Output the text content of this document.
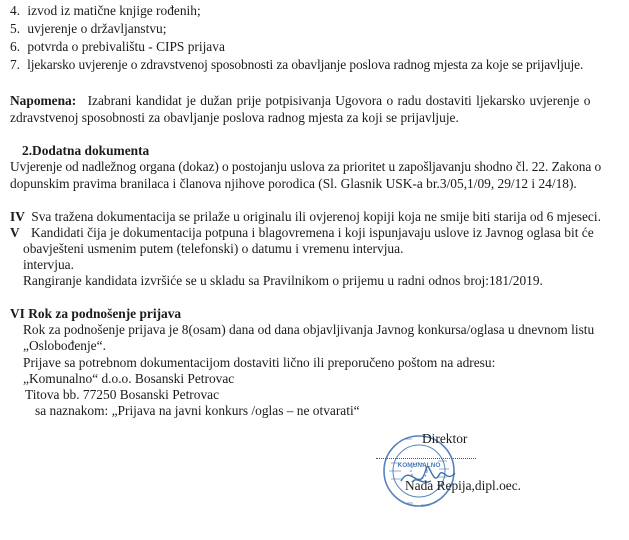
4. izvod iz matične knjige rođenih;
5. uvjerenje o državljanstvu;
6. potvrda o prebivalištu - CIPS prijava
7. ljekarsko uvjerenje o zdravstvenoj sposobnosti za obavljanje poslova radnog mjesta za koje se prijavljuje.
Napomena: Izabrani kandidat je dužan prije potpisivanja Ugovora o radu dostaviti ljekarsko uvjerenje o
zdravstvenoj sposobnosti za obavljanje poslova radnog mjesta za koji se prijavljuje.
2.Dodatna dokumenta
Uvjerenje od nadležnog organa (dokaz) o postojanju uslova za prioritet u zapošljavanju shodno čl. 22. Zakona o
dopunskim pravima branilaca i članova njihove porodica (Sl. Glasnik USK-a br.3/05,1/09, 29/12 i 24/18).
IV Sva tražena dokumentacija se prilaže u originalu ili ovjerenoj kopiji koja ne smije biti starija od 6 mjeseci.
V Kandidati čija je dokumentacija potpuna i blagovremena i koji ispunjavaju uslove iz Javnog oglasa bit će
obavješteni usmenim putem (telefonski) o datumu i vremenu intervjua.
intervjua.
Rangiranje kandidata izvršiće se u skladu sa Pravilnikom o prijemu u radni odnos broj:181/2019.
VI Rok za podnošenje prijava
Rok za podnošenje prijava je 8(osam) dana od dana objavljivanja Javnog konkursa/oglasa u dnevnom listu
„Oslobođenje“.
Prijave sa potrebnom dokumentacijom dostaviti lično ili preporučeno poštom na adresu:
„Komunalno“ d.o.o. Bosanski Petrovac
Titova bb. 77250 Bosanski Petrovac
sa naznakom: „Prijava na javni konkurs /oglas – ne otvarati“
KOMUNALNO
Direktor
Nada Repija,dipl.oec.
